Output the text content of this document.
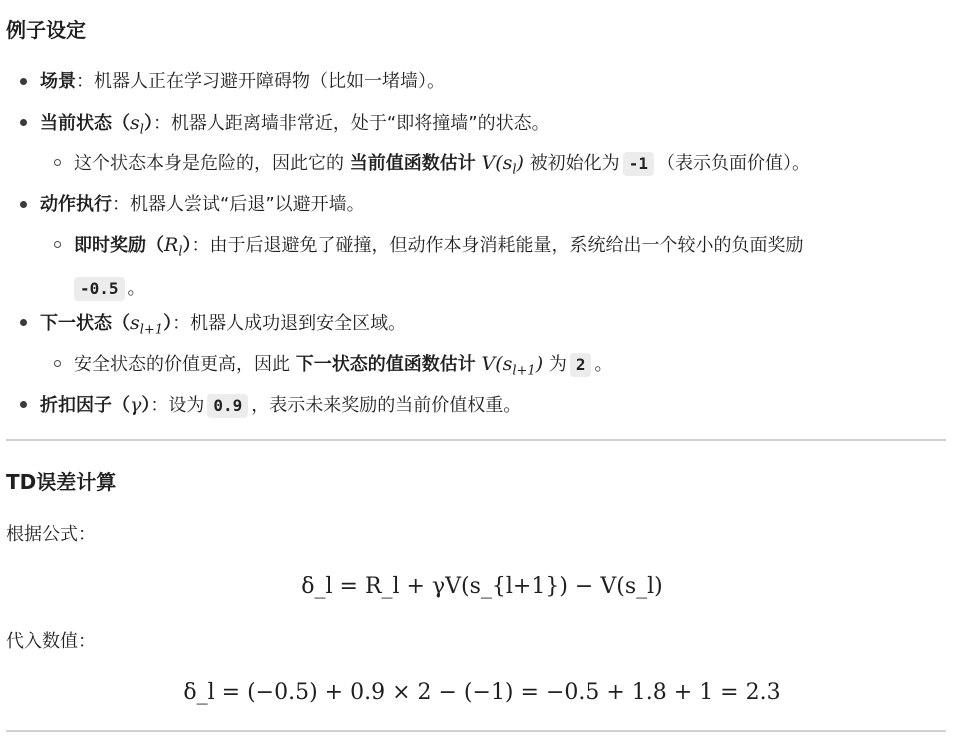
例子设定
场景：机器人正在学习避开障碍物（比如一堵墙）。
当前状态$(s_l)$：机器人距离墙非常近，处于“即将撞墙”的状态。
这个状态本身是危险的，因此它的 当前值函数估计 $V(s_l)$ 被初始化为 -1 （表示负面价值）。
动作执行：机器人尝试“后退”以避开墙。
即时奖励$(R_l)$：由于后退避免了碰撞，但动作本身消耗能量，系统给出一个较小的负面奖励
-0.5 。
下一状态$(s_{l+1})$：机器人成功退到安全区域。
安全状态的价值更高，因此 下一状态的值函数估计 $V(s_{l+1})$ 为 2 。
折扣因子（γ）：设为 0.9 ，表示未来奖励的当前价值权重。
TD误差计算
根据公式：
δ_l = R_l + γV(s_{l+1}) − V(s_l)
代入数值：
δ_l = (−0.5) + 0.9 × 2 − (−1) = −0.5 + 1.8 + 1 = 2.3
